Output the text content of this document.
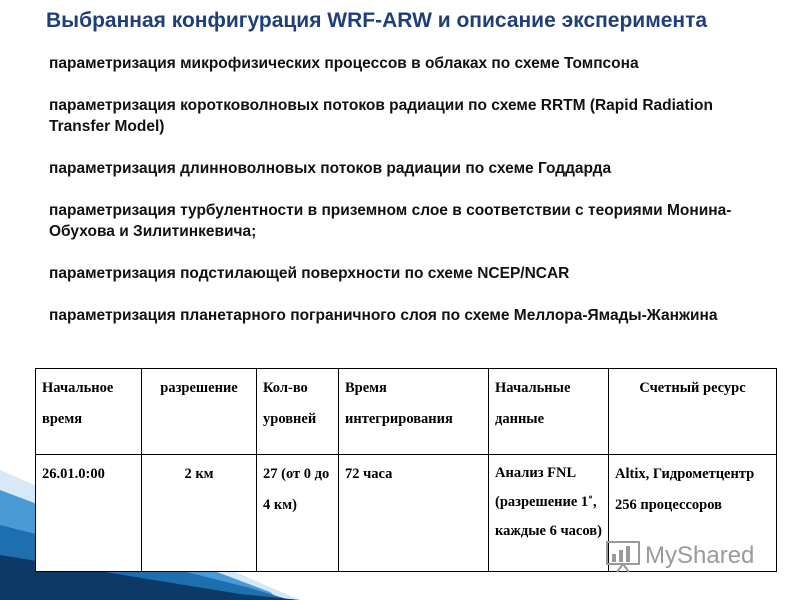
Выбранная конфигурация WRF-ARW и описание эксперимента

параметризация микрофизических процессов в облаках по схеме Томпсона

параметризация коротковолновых потоков радиации по схеме RRTM (Rapid Radiation Transfer Model)

параметризация длинноволновых потоков радиации по схеме Годдарда

параметризация турбулентности в приземном слое в соответствии с теориями Монина-Обухова и Зилитинкевича;

параметризация подстилающей поверхности по схеме NCEP/NCAR

параметризация планетарного пограничного слоя по схеме Меллора-Ямады-Жанжина

Начальное время	разрешение	Кол-во уровней	Время интегрирования	Начальные данные	Счетный ресурс
26.01.0:00	2 км	27 (от 0 до 4 км)	72 часа	Анализ FNL (разрешение 1˚, каждые 6 часов)	Altix, Гидрометцентр 256 процессоров
MyShared
